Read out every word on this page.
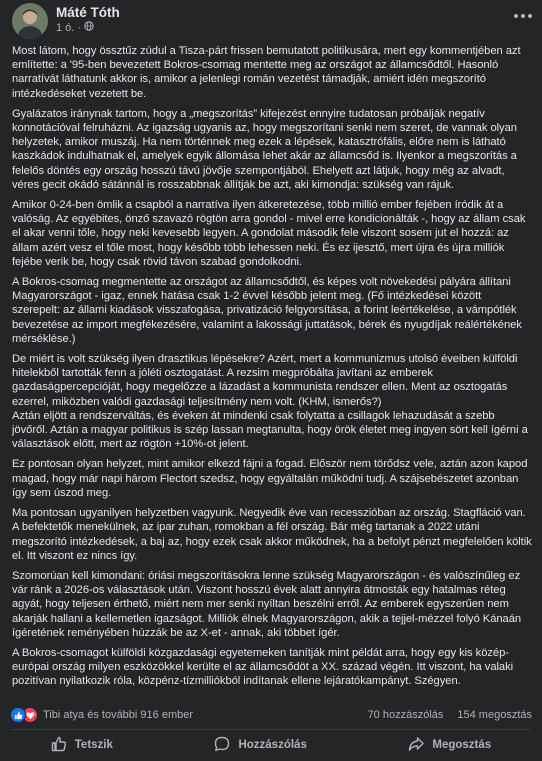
Máté Tóth
1 ó. ·

Most látom, hogy össztűz zúdul a Tisza-párt frissen bemutatott politikusára, mert egy kommentjében azt említette: a '95-ben bevezetett Bokros-csomag mentette meg az országot az államcsődtől. Hasonló narratívát láthatunk akkor is, amikor a jelenlegi román vezetést támadják, amiért idén megszorító intézkedéseket vezetett be.

Gyalázatos iránynak tartom, hogy a „megszorítás” kifejezést ennyire tudatosan próbálják negatív konnotációval felruházni. Az igazság ugyanis az, hogy megszorítani senki nem szeret, de vannak olyan helyzetek, amikor muszáj. Ha nem történnek meg ezek a lépések, katasztrófális, előre nem is látható kaszkádok indulhatnak el, amelyek egyik állomása lehet akár az államcsőd is. Ilyenkor a megszorítás a felelős döntés egy ország hosszú távú jövője szempontjából. Ehelyett azt látjuk, hogy még az alvadt, véres gecit okádó sátánnál is rosszabbnak állítják be azt, aki kimondja: szükség van rájuk.

Amikor 0-24-ben ömlik a csapból a narratíva ilyen átkeretezése, több millió ember fejében íródik át a valóság. Az egyébites, önző szavazó rögtön arra gondol - mivel erre kondicionálták -, hogy az állam csak el akar venni tőle, hogy neki kevesebb legyen. A gondolat második fele viszont sosem jut el hozzá: az állam azért vesz el tőle most, hogy később több lehessen neki. És ez ijesztő, mert újra és újra milliók fejébe verik be, hogy csak rövid távon szabad gondolkodni.

A Bokros-csomag megmentette az országot az államcsődtől, és képes volt növekedési pályára állítani Magyarországot - igaz, ennek hatása csak 1-2 évvel később jelent meg. (Fő intézkedései között szerepelt: az állami kiadások visszafogása, privatizáció felgyorsítása, a forint leértékelése, a vámpótlék bevezetése az import megfékezésére, valamint a lakossági juttatások, bérek és nyugdíjak reálértékének mérséklése.)

De miért is volt szükség ilyen drasztikus lépésekre? Azért, mert a kommunizmus utolsó éveiben külföldi hitelekből tartották fenn a jóléti osztogatást. A rezsim megpróbálta javítani az emberek gazdaságpercepcióját, hogy megelőzze a lázadást a kommunista rendszer ellen. Ment az osztogatás ezerrel, miközben valódi gazdasági teljesítmény nem volt. (KHM, ismerős?)
Aztán eljött a rendszerváltás, és éveken át mindenki csak folytatta a csillagok lehazudását a szebb jövőről. Aztán a magyar politikus is szép lassan megtanulta, hogy örök életet meg ingyen sört kell ígérni a választások előtt, mert az rögtön +10%-ot jelent.

Ez pontosan olyan helyzet, mint amikor elkezd fájni a fogad. Először nem törődsz vele, aztán azon kapod magad, hogy már napi három Flectort szedsz, hogy egyáltalán működni tudj. A szájsebészetet azonban így sem úszod meg.

Ma pontosan ugyanilyen helyzetben vagyunk. Negyedik éve van recesszióban az ország. Stagfláció van. A befektetők menekülnek, az ipar zuhan, romokban a fél ország. Bár még tartanak a 2022 utáni megszorító intézkedések, a baj az, hogy ezek csak akkor működnek, ha a befolyt pénzt megfelelően költik el. Itt viszont ez nincs így.

Szomorúan kell kimondani: óriási megszorításokra lenne szükség Magyarországon - és valószínűleg ez vár ránk a 2026-os választások után. Viszont hosszú évek alatt annyira átmosták egy hatalmas réteg agyát, hogy teljesen érthető, miért nem mer senki nyíltan beszélni erről. Az emberek egyszerűen nem akarják hallani a kellemetlen igazságot. Milliók élnek Magyarországon, akik a tejjel-mézzel folyó Kánaán ígéretének reményében húzzák be az X-et - annak, aki többet ígér.

A Bokros-csomagot külföldi közgazdasági egyetemeken tanítják mint példát arra, hogy egy kis közép-európai ország milyen eszközökkel kerülte el az államcsődöt a XX. század végén. Itt viszont, ha valaki pozitívan nyilatkozik róla, közpénz-tízmilliókból indítanak ellene lejáratókampányt. Szégyen.

Tibi atya és további 916 ember	70 hozzászólás 154 megosztás
Tetszik	Hozzászólás	Megosztás
